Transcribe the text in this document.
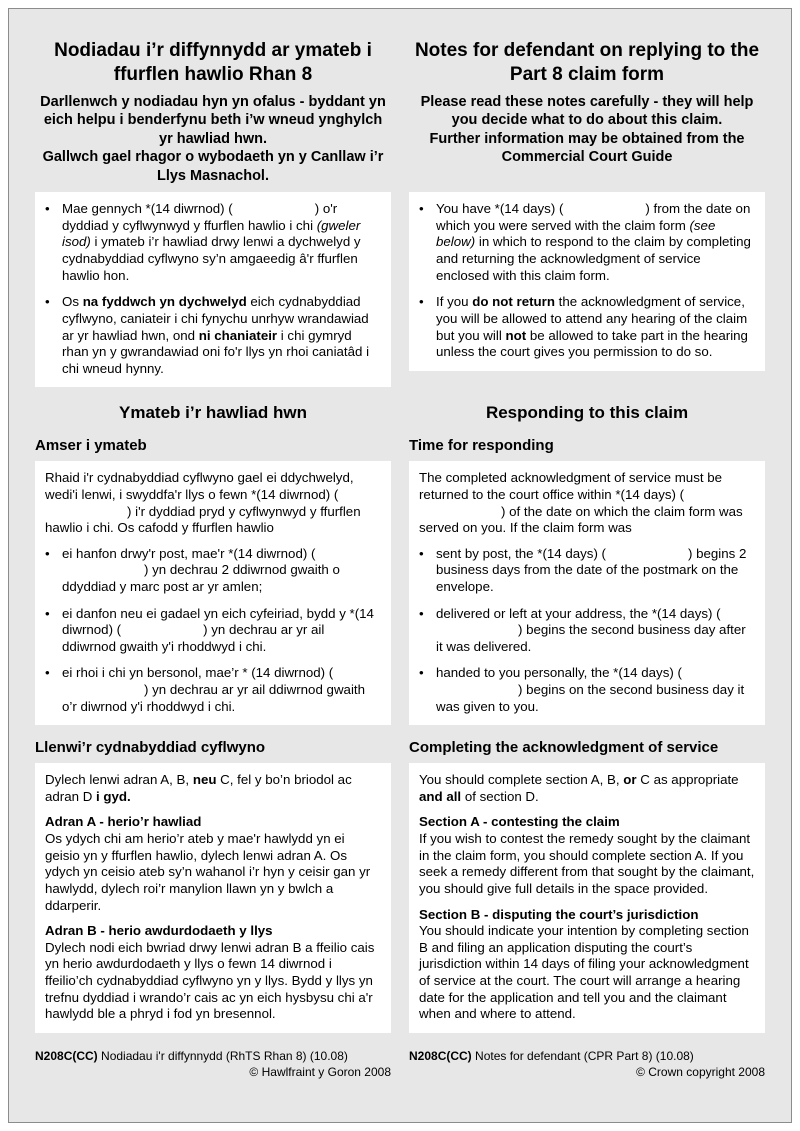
Nodiadau i’r diffynnydd ar ymateb i ffurflen hawlio Rhan 8
Notes for defendant on replying to the Part 8 claim form
Darllenwch y nodiadau hyn yn ofalus - byddant yn eich helpu i benderfynu beth i’w wneud ynghylch yr hawliad hwn.
Gallwch gael rhagor o wybodaeth yn y Canllaw i’r Llys Masnachol.
Please read these notes carefully - they will help you decide what to do about this claim.
Further information may be obtained from the Commercial Court Guide
• Mae gennych *(14 diwrnod) (	) o'r dyddiad y cyflwynwyd y ffurflen hawlio i chi (gweler isod) i ymateb i’r hawliad drwy lenwi a dychwelyd y cydnabyddiad cyflwyno sy’n amgaeedig â'r ffurflen hawlio hon.
• Os na fyddwch yn dychwelyd eich cydnabyddiad cyflwyno, caniateir i chi fynychu unrhyw wrandawiad ar yr hawliad hwn, ond ni chaniateir i chi gymryd rhan yn y gwrandawiad oni fo'r llys yn rhoi caniatâd i chi wneud hynny.
• You have *(14 days) (	) from the date on which you were served with the claim form (see below) in which to respond to the claim by completing and returning the acknowledgment of service enclosed with this claim form.
• If you do not return the acknowledgment of service, you will be allowed to attend any hearing of the claim but you will not be allowed to take part in the hearing unless the court gives you permission to do so.
Ymateb i’r hawliad hwn	Responding to this claim
Amser i ymateb	Time for responding
Rhaid i'r cydnabyddiad cyflwyno gael ei ddychwelyd, wedi'i lenwi, i swyddfa'r llys o fewn *(14 diwrnod) () i'r dyddiad pryd y cyflwynwyd y ffurflen hawlio i chi. Os cafodd y ffurflen hawlio
• ei hanfon drwy'r post, mae'r *(14 diwrnod) () yn dechrau 2 ddiwrnod gwaith o ddyddiad y marc post ar yr amlen;
• ei danfon neu ei gadael yn eich cyfeiriad, bydd y *(14 diwrnod) (	) yn dechrau ar yr ail ddiwrnod gwaith y'i rhoddwyd i chi.
• ei rhoi i chi yn bersonol, mae’r * (14 diwrnod) () yn dechrau ar yr ail ddiwrnod gwaith o’r diwrnod y'i rhoddwyd i chi.
The completed acknowledgment of service must be returned to the court office within *(14 days) () of the date on which the claim form was served on you. If the claim form was
• sent by post, the *(14 days) (	) begins 2 business days from the date of the postmark on the envelope.
• delivered or left at your address, the *(14 days) () begins the second business day after it was delivered.
• handed to you personally, the *(14 days) () begins on the second business day it was given to you.
Llenwi’r cydnabyddiad cyflwyno	Completing the acknowledgment of service
Dylech lenwi adran A, B, neu C, fel y bo’n briodol ac adran D i gyd.
Adran A - herio’r hawliad
Os ydych chi am herio’r ateb y mae'r hawlydd yn ei geisio yn y ffurflen hawlio, dylech lenwi adran A. Os ydych yn ceisio ateb sy’n wahanol i’r hyn y ceisir gan yr hawlydd, dylech roi’r manylion llawn yn y bwlch a ddarperir.
Adran B - herio awdurdodaeth y llys
Dylech nodi eich bwriad drwy lenwi adran B a ffeilio cais yn herio awdurdodaeth y llys o fewn 14 diwrnod i ffeilio’ch cydnabyddiad cyflwyno yn y llys. Bydd y llys yn trefnu dyddiad i wrando’r cais ac yn eich hysbysu chi a'r hawlydd ble a phryd i fod yn bresennol.
You should complete section A, B, or C as appropriate and all of section D.
Section A - contesting the claim
If you wish to contest the remedy sought by the claimant in the claim form, you should complete section A. If you seek a remedy different from that sought by the claimant, you should give full details in the space provided.
Section B - disputing the court’s jurisdiction
You should indicate your intention by completing section B and filing an application disputing the court’s jurisdiction within 14 days of filing your acknowledgment of service at the court. The court will arrange a hearing date for the application and tell you and the claimant when and where to attend.
N208C(CC) Nodiadau i'r diffynnydd (RhTS Rhan 8) (10.08)
© Hawlfraint y Goron 2008
N208C(CC) Notes for defendant (CPR Part 8) (10.08)
© Crown copyright 2008
